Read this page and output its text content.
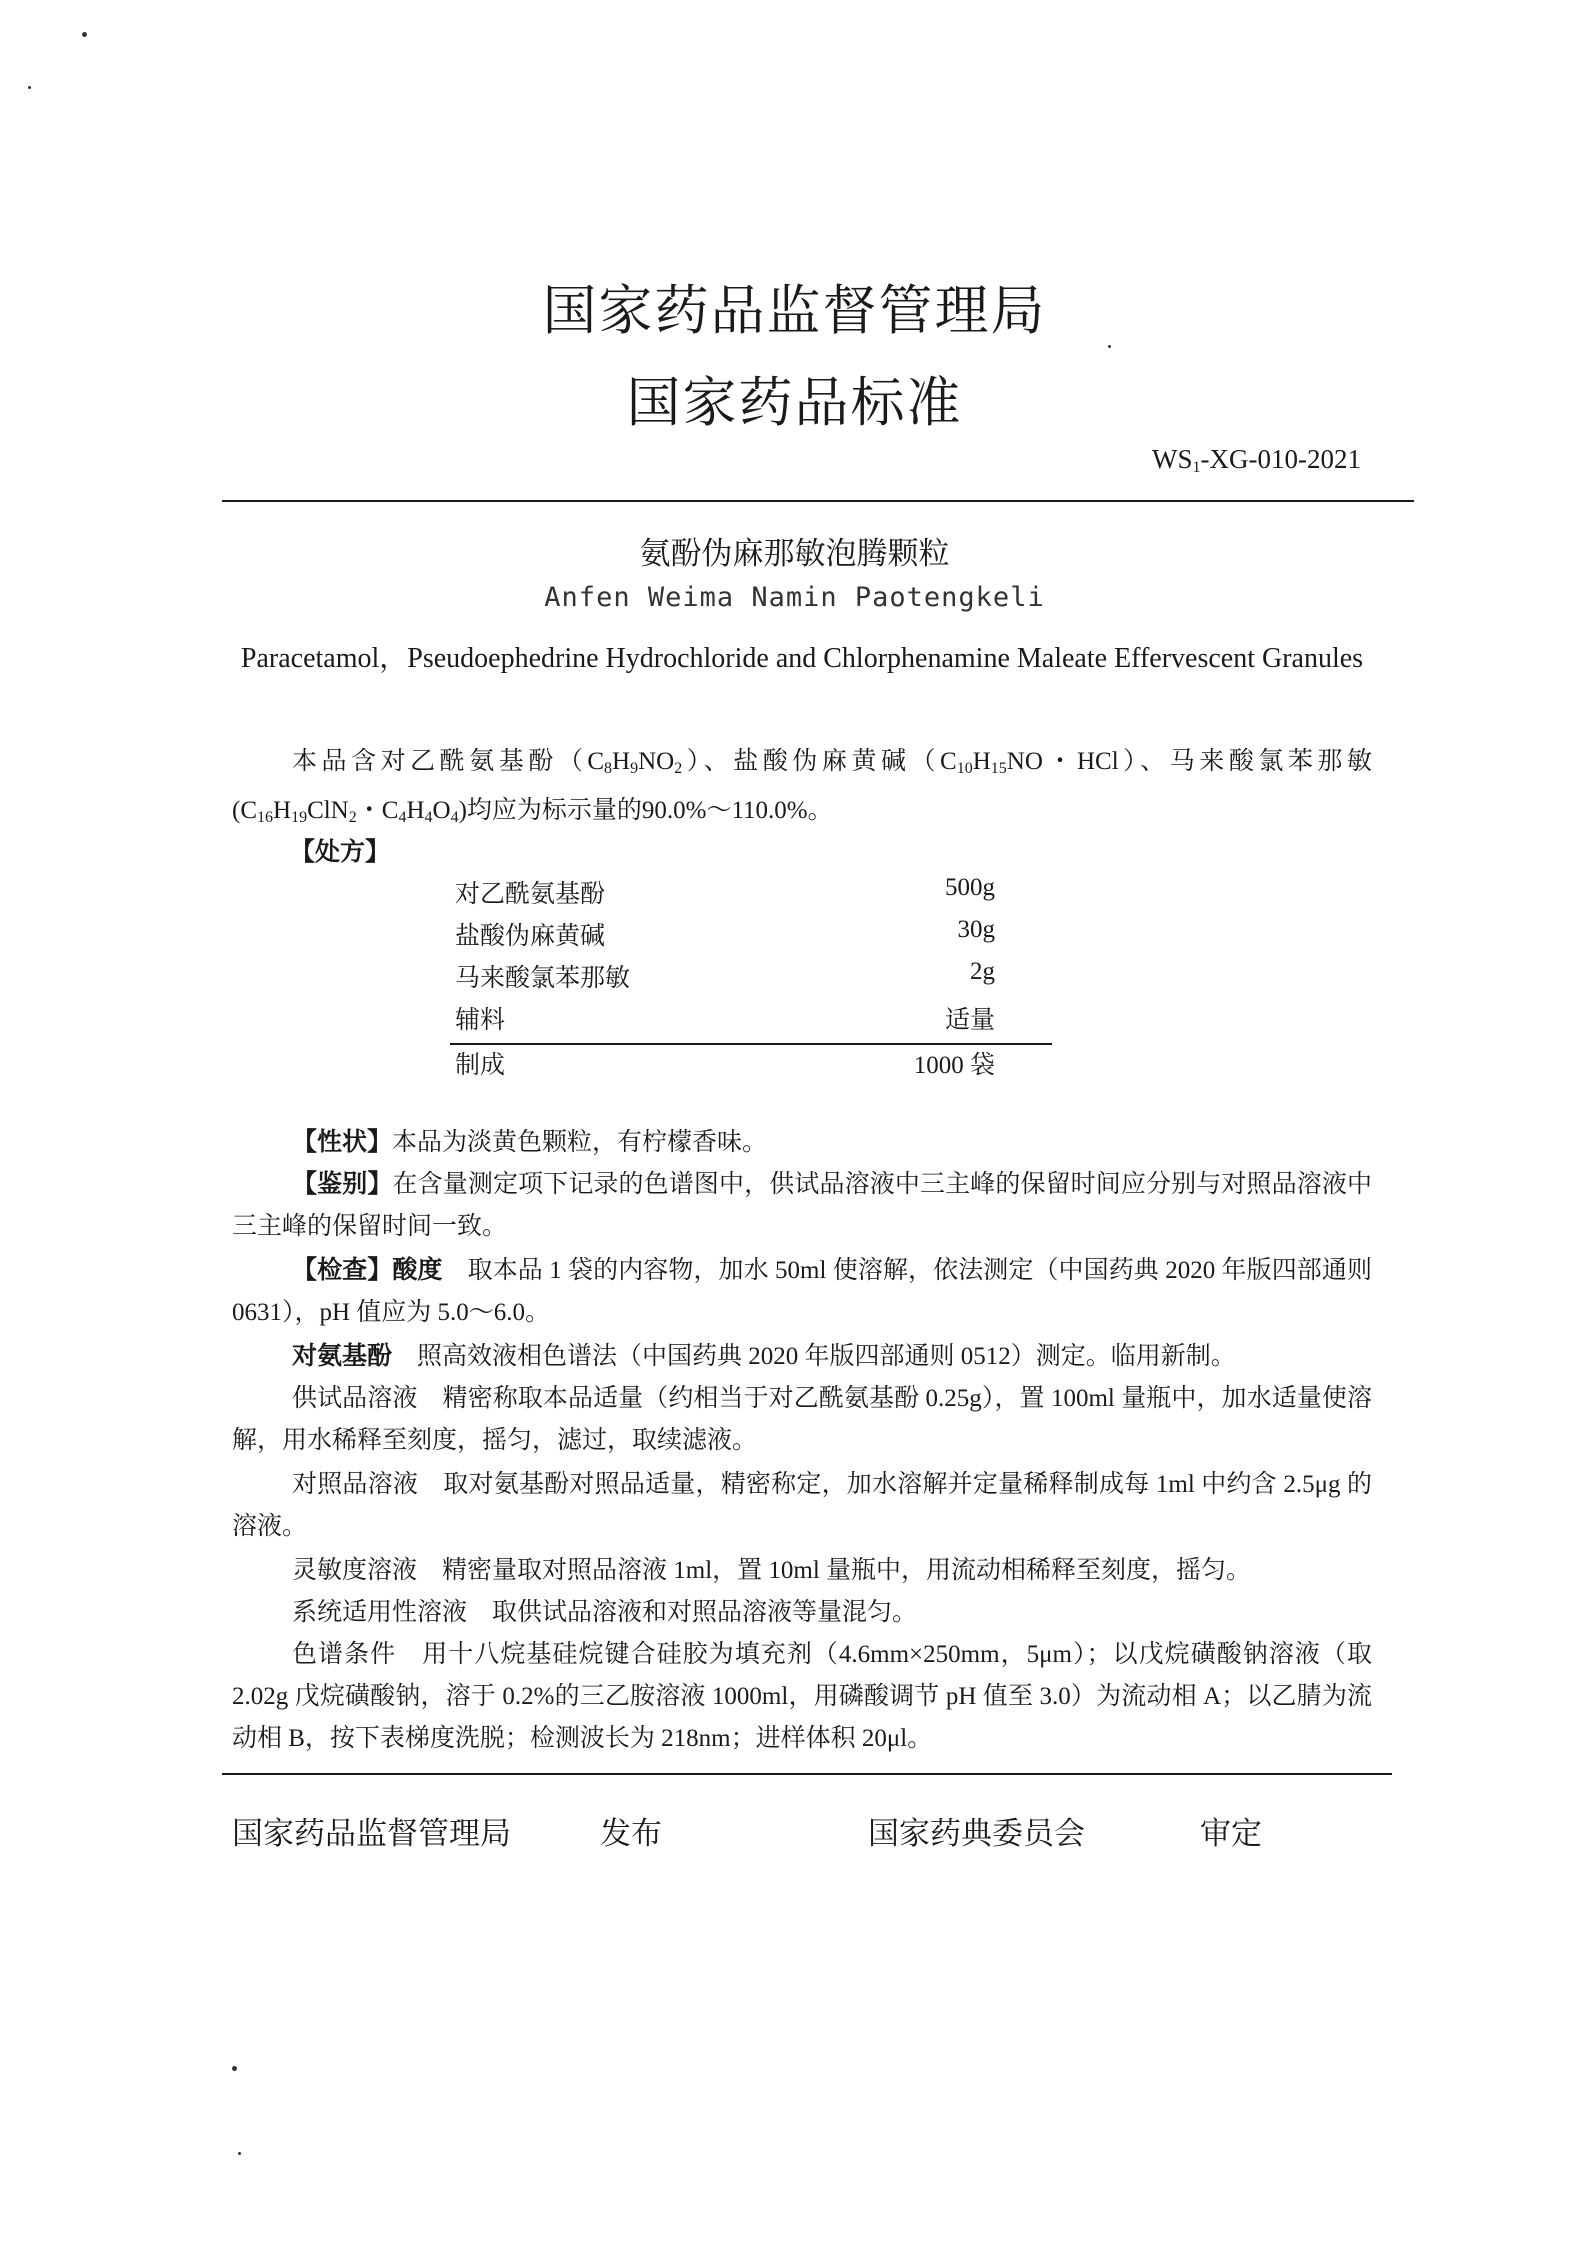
国家药品监督管理局
国家药品标准
$WS_1-XG-010-2021$
氨酚伪麻那敏泡腾颗粒
Anfen Weima Namin Paotengkeli
Paracetamol，Pseudoephedrine Hydrochloride and Chlorphenamine Maleate Effervescent Granules
本品含对乙酰氨基酚$(C_8H_9NO_2)$、盐酸伪麻黄碱（$C_{10}H_{15}NO$・HCl）、马来酸氯苯那敏($C_{16}H_{19}ClN_2$・$C_4H_4O_4$)均应为标示量的90.0%～110.0%。
【处方】
对乙酰氨基酚	500g
盐酸伪麻黄碱	30g
马来酸氯苯那敏	2g
辅料	适量
制成	1000 袋
【性状】本品为淡黄色颗粒，有柠檬香味。
【鉴别】在含量测定项下记录的色谱图中，供试品溶液中三主峰的保留时间应分别与对照品溶液中三主峰的保留时间一致。
【检查】酸度　 取本品 1 袋的内容物，加水 50ml 使溶解，依法测定（中国药典 2020 年版四部通则 0631），pH 值应为 5.0～6.0。
对氨基酚　 照高效液相色谱法（中国药典 2020 年版四部通则 0512）测定。临用新制。
供试品溶液　精密称取本品适量（约相当于对乙酰氨基酚 0.25g），置 100ml 量瓶中，加水适量使溶解，用水稀释至刻度，摇匀，滤过，取续滤液。
对照品溶液　取对氨基酚对照品适量，精密称定，加水溶解并定量稀释制成每 1ml 中约含 2.5μg 的溶液。
灵敏度溶液　精密量取对照品溶液 1ml，置 10ml 量瓶中，用流动相稀释至刻度，摇匀。
系统适用性溶液　取供试品溶液和对照品溶液等量混匀。
色谱条件　用十八烷基硅烷键合硅胶为填充剂（4.6mm×250mm，5μm）；以戊烷磺酸钠溶液（取 2.02g 戊烷磺酸钠，溶于 0.2%的三乙胺溶液 1000ml，用磷酸调节 pH 值至 3.0）为流动相 A；以乙腈为流动相 B，按下表梯度洗脱；检测波长为 218nm；进样体积 20μl。
国家药品监督管理局	发布	国家药典委员会	审定
